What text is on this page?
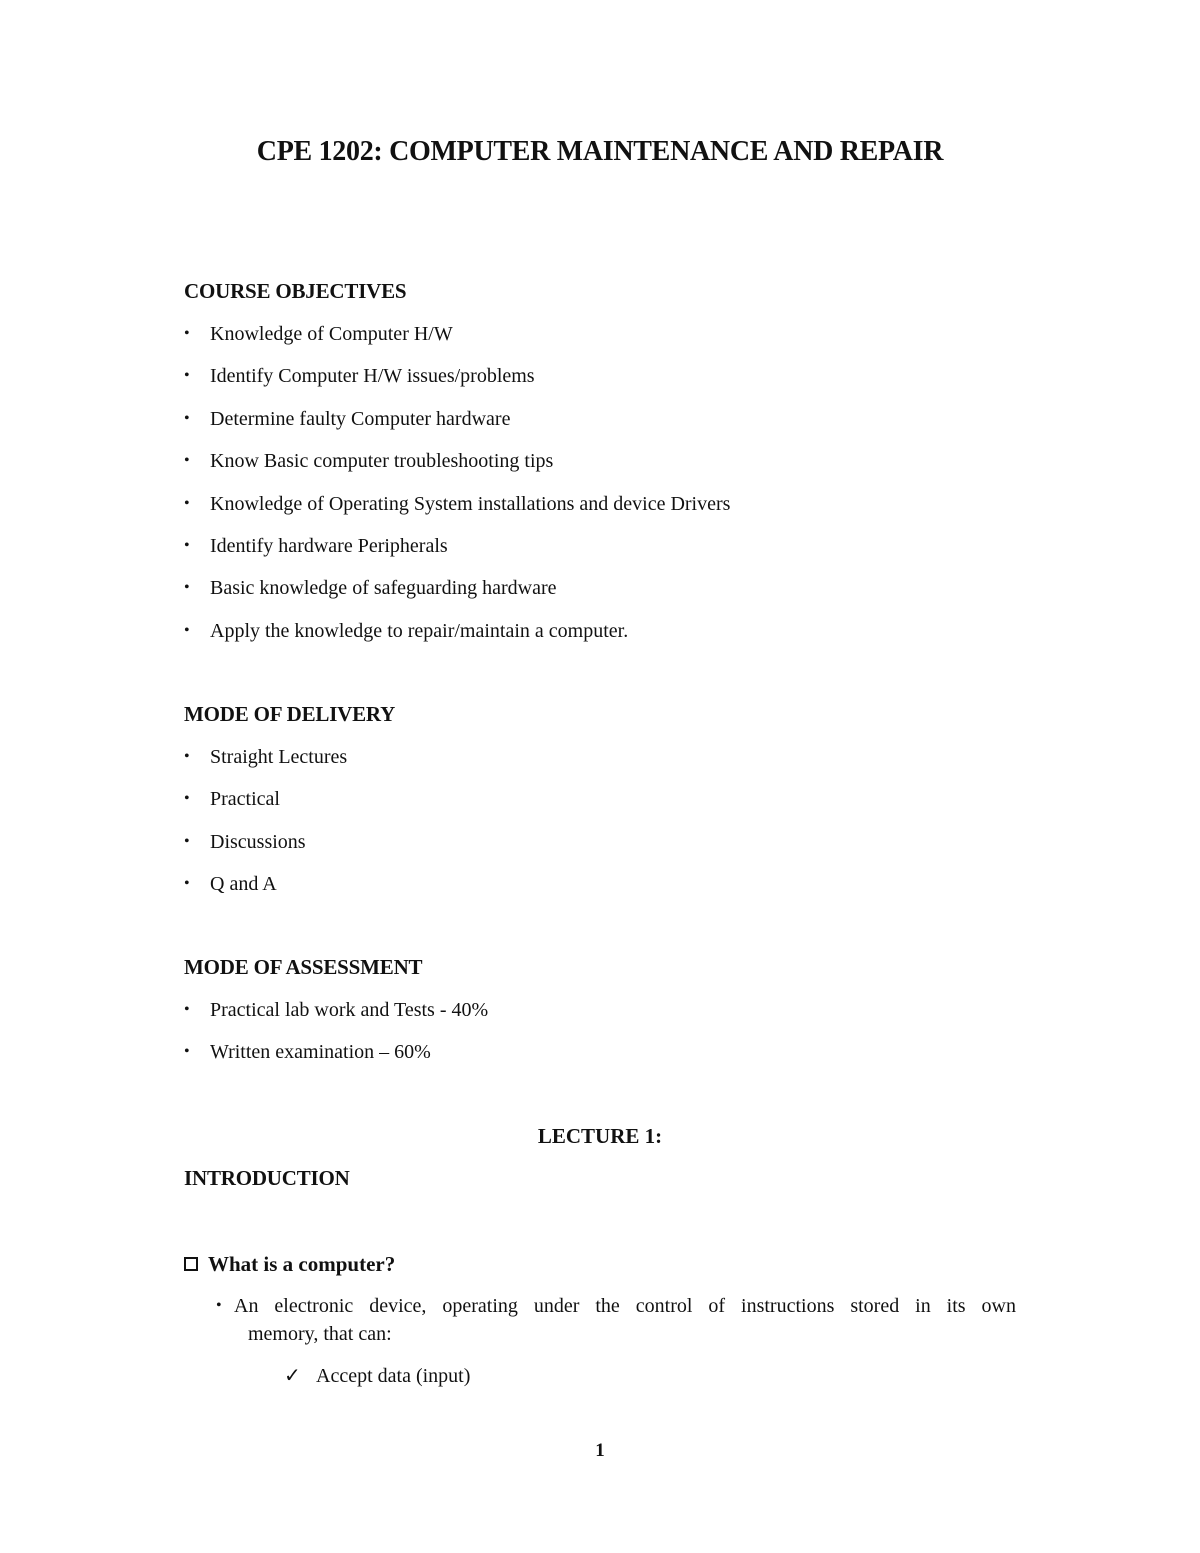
CPE 1202: COMPUTER MAINTENANCE AND REPAIR
COURSE OBJECTIVES
•	Knowledge of Computer H/W
•	Identify Computer H/W issues/problems
•	Determine faulty Computer hardware
•	Know Basic computer troubleshooting tips
•	Knowledge of Operating System installations and device Drivers
•	Identify hardware Peripherals
•	Basic knowledge of safeguarding hardware
•	Apply the knowledge to repair/maintain a computer.
MODE OF DELIVERY
•	Straight Lectures
•	Practical
•	Discussions
•	Q and A
MODE OF ASSESSMENT
•	Practical lab work and Tests - 40%
•	Written examination – 60%
LECTURE 1:
INTRODUCTION
What is a computer?
• An electronic device, operating under the control of instructions stored in its own
memory, that can:
✓ Accept data (input)
1
